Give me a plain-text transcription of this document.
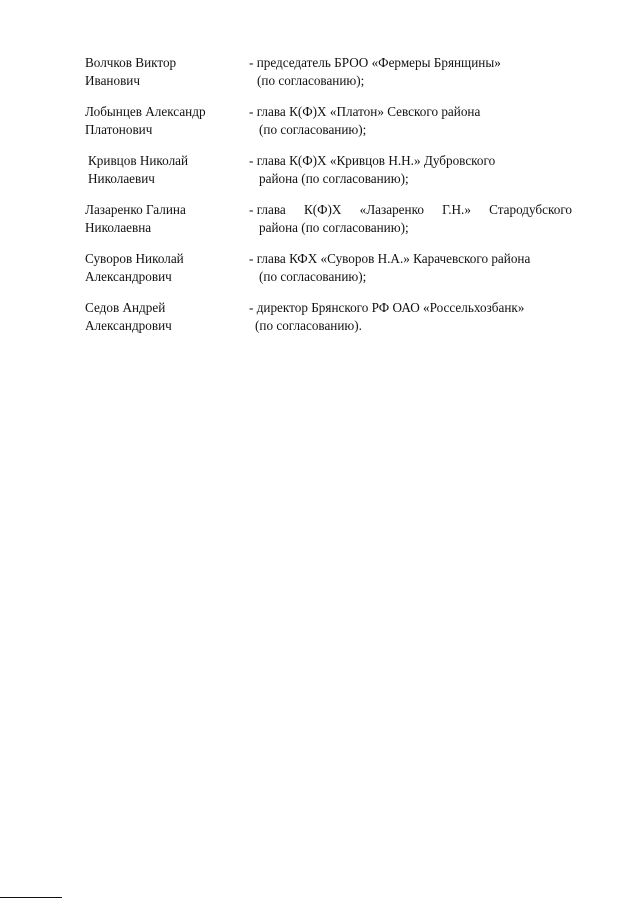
Волчков Виктор
Иванович
- председатель БРОО «Фермеры Брянщины»
(по согласованию);
Лобынцев Александр
Платонович
- глава К(Ф)Х «Платон» Севского района
(по согласованию);
Кривцов Николай
Николаевич
- глава К(Ф)Х «Кривцов Н.Н.» Дубровского
района (по согласованию);
Лазаренко Галина
Николаевна
- глава К(Ф)Х «Лазаренко Г.Н.» Стародубского
района (по согласованию);
Суворов Николай
Александрович
- глава КФХ «Суворов Н.А.» Карачевского района
(по согласованию);
Седов Андрей
Александрович
- директор Брянского РФ ОАО «Россельхозбанк»
(по согласованию).
